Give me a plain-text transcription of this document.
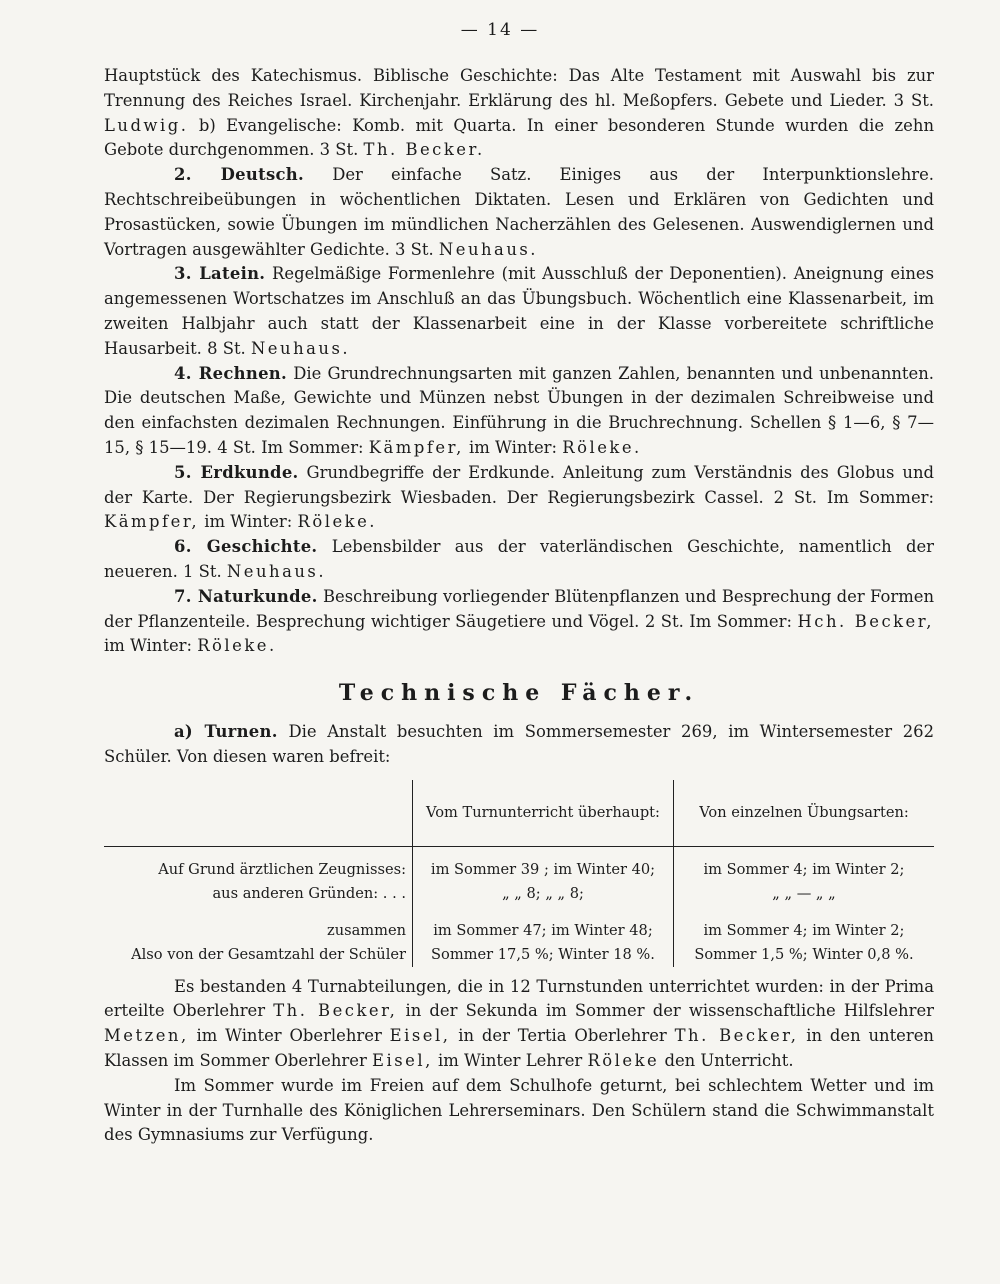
— 14 —

Hauptstück des Katechismus. Biblische Geschichte: Das Alte Testament mit Auswahl bis zur Trennung des Reiches Israel. Kirchenjahr. Erklärung des hl. Meßopfers. Gebete und Lieder. 3 St. Ludwig. b) Evangelische: Komb. mit Quarta. In einer besonderen Stunde wurden die zehn Gebote durchgenommen. 3 St. Th. Becker.

2. Deutsch. Der einfache Satz. Einiges aus der Interpunktionslehre. Rechtschreibeübungen in wöchentlichen Diktaten. Lesen und Erklären von Gedichten und Prosastücken, sowie Übungen im mündlichen Nacherzählen des Gelesenen. Auswendiglernen und Vortragen ausgewählter Gedichte. 3 St. Neuhaus.

3. Latein. Regelmäßige Formenlehre (mit Ausschluß der Deponentien). Aneignung eines angemessenen Wortschatzes im Anschluß an das Übungsbuch. Wöchentlich eine Klassenarbeit, im zweiten Halbjahr auch statt der Klassenarbeit eine in der Klasse vorbereitete schriftliche Hausarbeit. 8 St. Neuhaus.

4. Rechnen. Die Grundrechnungsarten mit ganzen Zahlen, benannten und unbenannten. Die deutschen Maße, Gewichte und Münzen nebst Übungen in der dezimalen Schreibweise und den einfachsten dezimalen Rechnungen. Einführung in die Bruchrechnung. Schellen § 1—6, § 7—15, § 15—19. 4 St. Im Sommer: Kämpfer, im Winter: Röleke.

5. Erdkunde. Grundbegriffe der Erdkunde. Anleitung zum Verständnis des Globus und der Karte. Der Regierungsbezirk Wiesbaden. Der Regierungsbezirk Cassel. 2 St. Im Sommer: Kämpfer, im Winter: Röleke.

6. Geschichte. Lebensbilder aus der vaterländischen Geschichte, namentlich der neueren. 1 St. Neuhaus.

7. Naturkunde. Beschreibung vorliegender Blütenpflanzen und Besprechung der Formen der Pflanzenteile. Besprechung wichtiger Säugetiere und Vögel. 2 St. Im Sommer: Hch. Becker, im Winter: Röleke.

Technische Fächer.

a) Turnen. Die Anstalt besuchten im Sommersemester 269, im Wintersemester 262 Schüler. Von diesen waren befreit:

	Vom Turnunterricht überhaupt:	Von einzelnen Übungsarten:
Auf Grund ärztlichen Zeugnisses:	im Sommer 39 ; im Winter 40;	im Sommer 4; im Winter 2;
aus anderen Gründen: . . .	„ „ 8; „ „ 8;	„ „ — „ „
zusammen	im Sommer 47; im Winter 48;	im Sommer 4; im Winter 2;
Also von der Gesamtzahl der Schüler	Sommer 17,5 %; Winter 18 %.	Sommer 1,5 %; Winter 0,8 %.

Es bestanden 4 Turnabteilungen, die in 12 Turnstunden unterrichtet wurden: in der Prima erteilte Oberlehrer Th. Becker, in der Sekunda im Sommer der wissenschaftliche Hilfslehrer Metzen, im Winter Oberlehrer Eisel, in der Tertia Oberlehrer Th. Becker, in den unteren Klassen im Sommer Oberlehrer Eisel, im Winter Lehrer Röleke den Unterricht.

Im Sommer wurde im Freien auf dem Schulhofe geturnt, bei schlechtem Wetter und im Winter in der Turnhalle des Königlichen Lehrerseminars. Den Schülern stand die Schwimmanstalt des Gymnasiums zur Verfügung.
